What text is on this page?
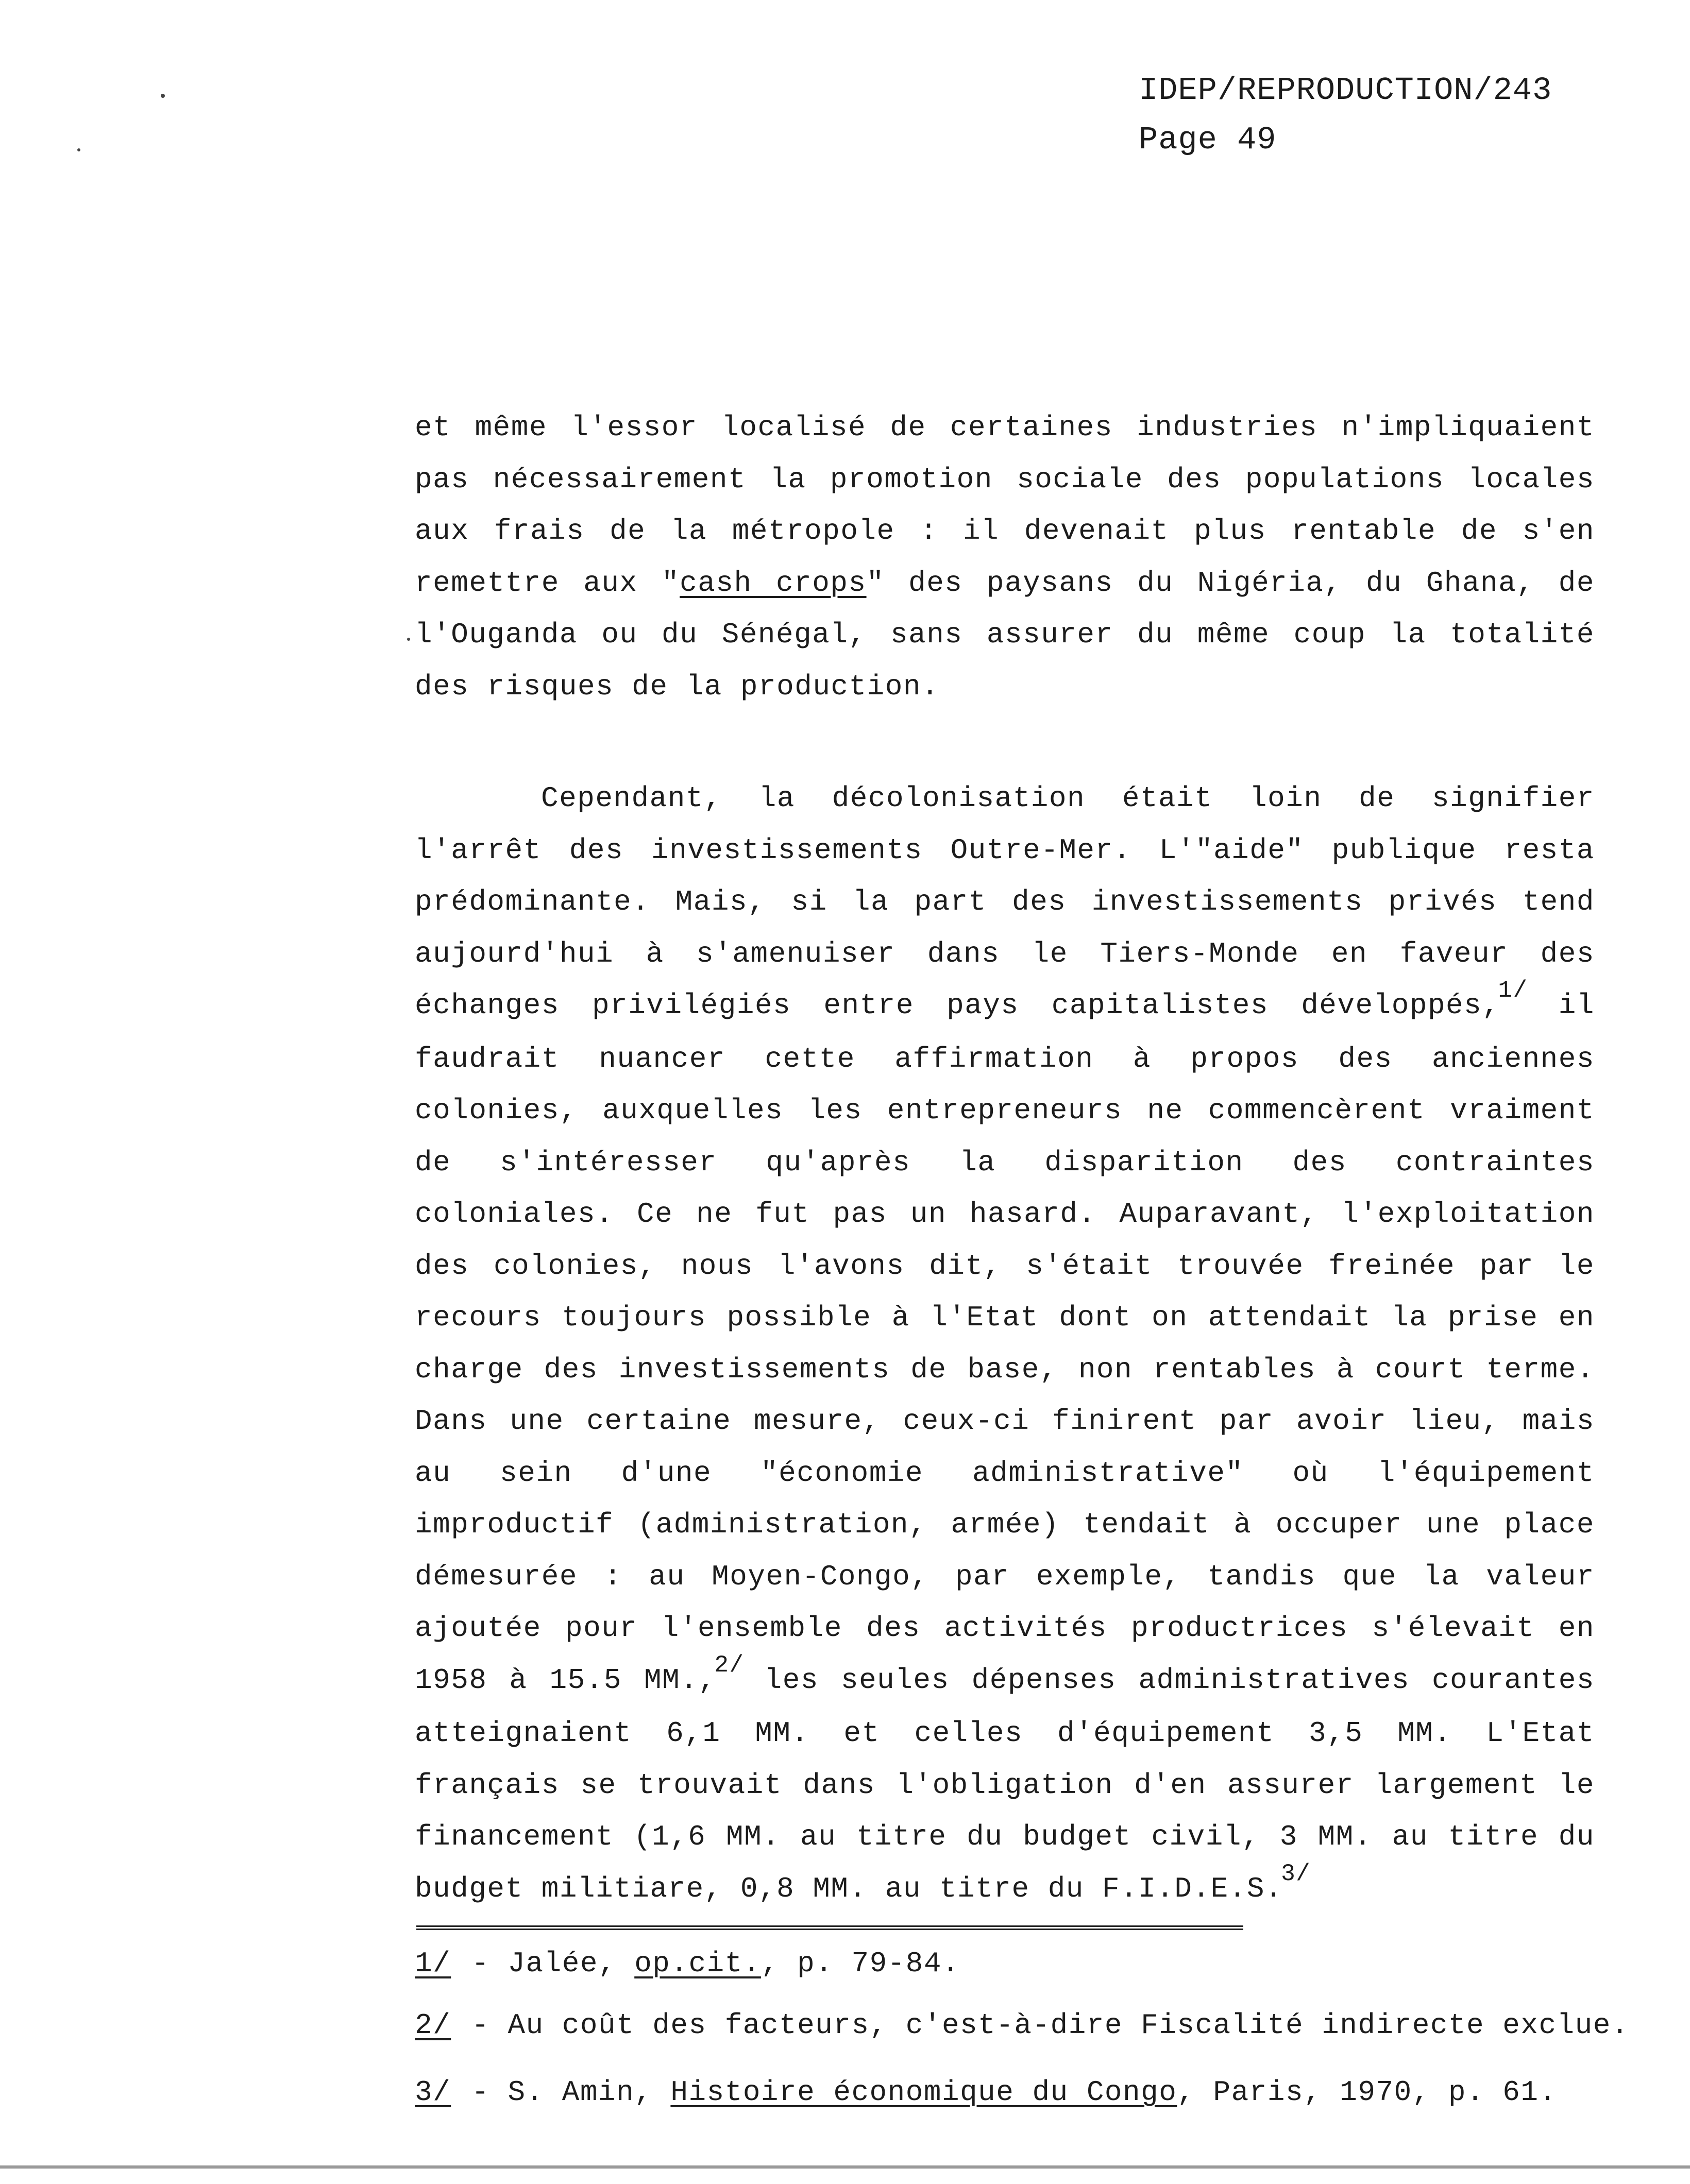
IDEP/REPRODUCTION/243
Page 49

et même l'essor localisé de certaines industries n'impliquaient pas nécessairement la promotion sociale des populations locales aux frais de la métropole : il devenait plus rentable de s'en remettre aux "cash crops" des paysans du Nigéria, du Ghana, de l'Ouganda ou du Sénégal, sans assurer du même coup la totalité des risques de la production.

Cependant, la décolonisation était loin de signifier l'arrêt des investissements Outre-Mer. L'"aide" publique resta prédominante. Mais, si la part des investissements privés tend aujourd'hui à s'amenuiser dans le Tiers-Monde en faveur des échanges privilégiés entre pays capitalistes développés,$^{1/}$ il faudrait nuancer cette affirmation à propos des anciennes colonies, auxquelles les entrepreneurs ne commencèrent vraiment de s'intéresser qu'après la disparition des contraintes coloniales. Ce ne fut pas un hasard. Auparavant, l'exploitation des colonies, nous l'avons dit, s'était trouvée freinée par le recours toujours possible à l'Etat dont on attendait la prise en charge des investissements de base, non rentables à court terme. Dans une certaine mesure, ceux-ci finirent par avoir lieu, mais au sein d'une "économie administrative" où l'équipement improductif (administration, armée) tendait à occuper une place démesurée : au Moyen-Congo, par exemple, tandis que la valeur ajoutée pour l'ensemble des activités productrices s'élevait en 1958 à 15.5 MM.,$^{2/}$ les seules dépenses administratives courantes atteignaient 6,1 MM. et celles d'équipement 3,5 MM. L'Etat français se trouvait dans l'obligation d'en assurer largement le financement (1,6 MM. au titre du budget civil, 3 MM. au titre du budget militiare, 0,8 MM. au titre du F.I.D.E.S.$^{3/}$

1/ - Jalée, op.cit., p. 79-84.
2/ - Au coût des facteurs, c'est-à-dire Fiscalité indirecte exclue.
3/ - S. Amin, Histoire économique du Congo, Paris, 1970, p. 61.
